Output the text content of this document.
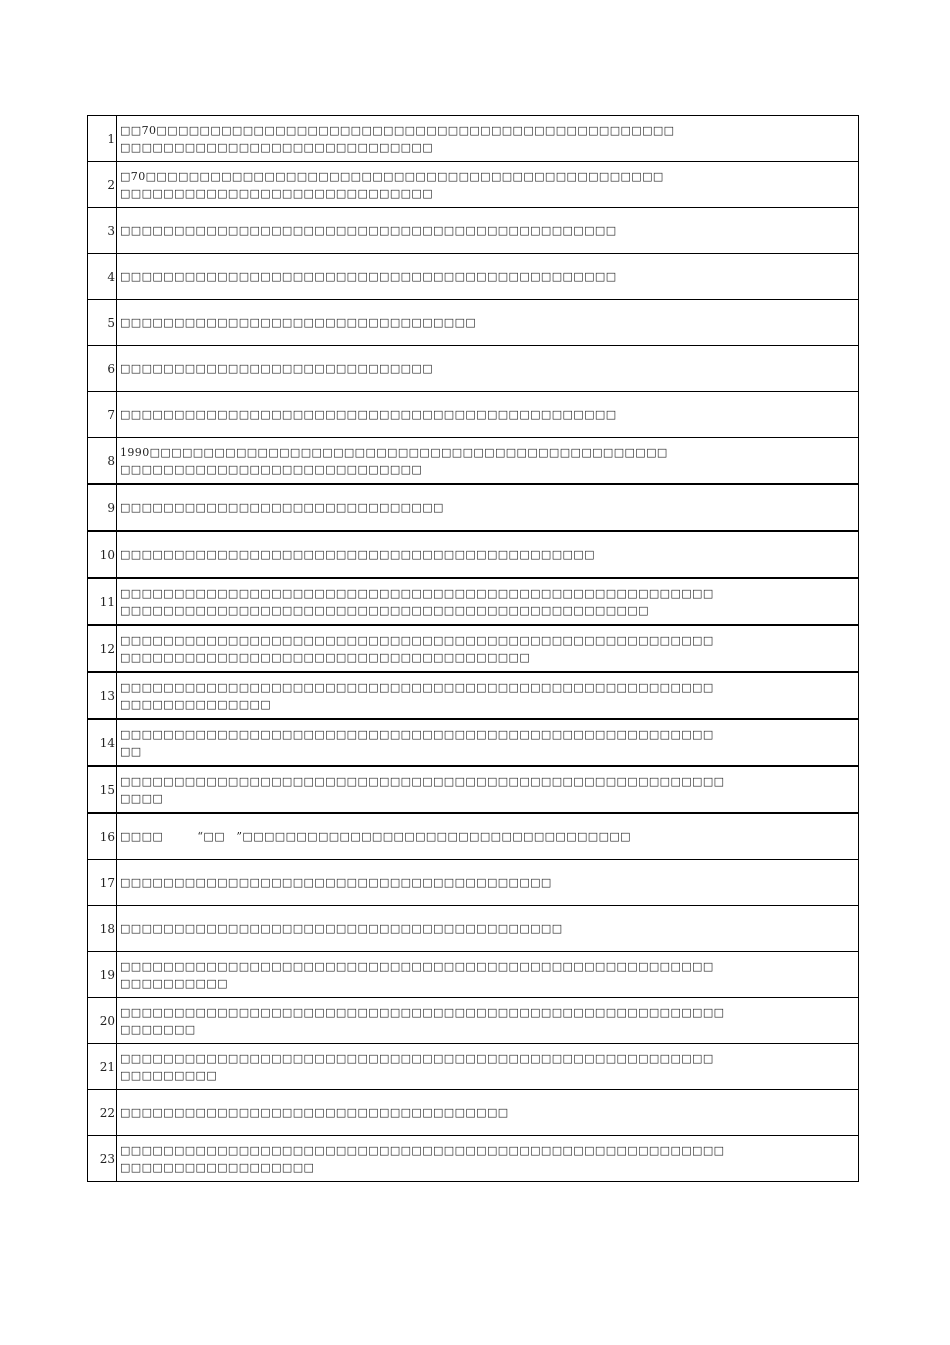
1	□□70□□□□□□□□□□□□□□□□□□□□□□□□□□□□□□□□□□□□□□□□□□□□□□□□
□□□□□□□□□□□□□□□□□□□□□□□□□□□□□

2	□70□□□□□□□□□□□□□□□□□□□□□□□□□□□□□□□□□□□□□□□□□□□□□□□□
□□□□□□□□□□□□□□□□□□□□□□□□□□□□□

3	□□□□□□□□□□□□□□□□□□□□□□□□□□□□□□□□□□□□□□□□□□□□□□

4	□□□□□□□□□□□□□□□□□□□□□□□□□□□□□□□□□□□□□□□□□□□□□□

5	□□□□□□□□□□□□□□□□□□□□□□□□□□□□□□□□□

6	□□□□□□□□□□□□□□□□□□□□□□□□□□□□□

7	□□□□□□□□□□□□□□□□□□□□□□□□□□□□□□□□□□□□□□□□□□□□□□

8	1990□□□□□□□□□□□□□□□□□□□□□□□□□□□□□□□□□□□□□□□□□□□□□□□□
□□□□□□□□□□□□□□□□□□□□□□□□□□□□

9	□□□□□□□□□□□□□□□□□□□□□□□□□□□□□□

10	□□□□□□□□□□□□□□□□□□□□□□□□□□□□□□□□□□□□□□□□□□□□

11	□□□□□□□□□□□□□□□□□□□□□□□□□□□□□□□□□□□□□□□□□□□□□□□□□□□□□□□
□□□□□□□□□□□□□□□□□□□□□□□□□□□□□□□□□□□□□□□□□□□□□□□□□

12	□□□□□□□□□□□□□□□□□□□□□□□□□□□□□□□□□□□□□□□□□□□□□□□□□□□□□□□
□□□□□□□□□□□□□□□□□□□□□□□□□□□□□□□□□□□□□□

13	□□□□□□□□□□□□□□□□□□□□□□□□□□□□□□□□□□□□□□□□□□□□□□□□□□□□□□□
□□□□□□□□□□□□□□

14	□□□□□□□□□□□□□□□□□□□□□□□□□□□□□□□□□□□□□□□□□□□□□□□□□□□□□□□
□□

15	□□□□□□□□□□□□□□□□□□□□□□□□□□□□□□□□□□□□□□□□□□□□□□□□□□□□□□□□
□□□□

16	□□□□　　　“□□　”□□□□□□□□□□□□□□□□□□□□□□□□□□□□□□□□□□□□

17	□□□□□□□□□□□□□□□□□□□□□□□□□□□□□□□□□□□□□□□□

18	□□□□□□□□□□□□□□□□□□□□□□□□□□□□□□□□□□□□□□□□□

19	□□□□□□□□□□□□□□□□□□□□□□□□□□□□□□□□□□□□□□□□□□□□□□□□□□□□□□□
□□□□□□□□□□

20	□□□□□□□□□□□□□□□□□□□□□□□□□□□□□□□□□□□□□□□□□□□□□□□□□□□□□□□□
□□□□□□□

21	□□□□□□□□□□□□□□□□□□□□□□□□□□□□□□□□□□□□□□□□□□□□□□□□□□□□□□□
□□□□□□□□□

22	□□□□□□□□□□□□□□□□□□□□□□□□□□□□□□□□□□□□

23	□□□□□□□□□□□□□□□□□□□□□□□□□□□□□□□□□□□□□□□□□□□□□□□□□□□□□□□□
□□□□□□□□□□□□□□□□□□
